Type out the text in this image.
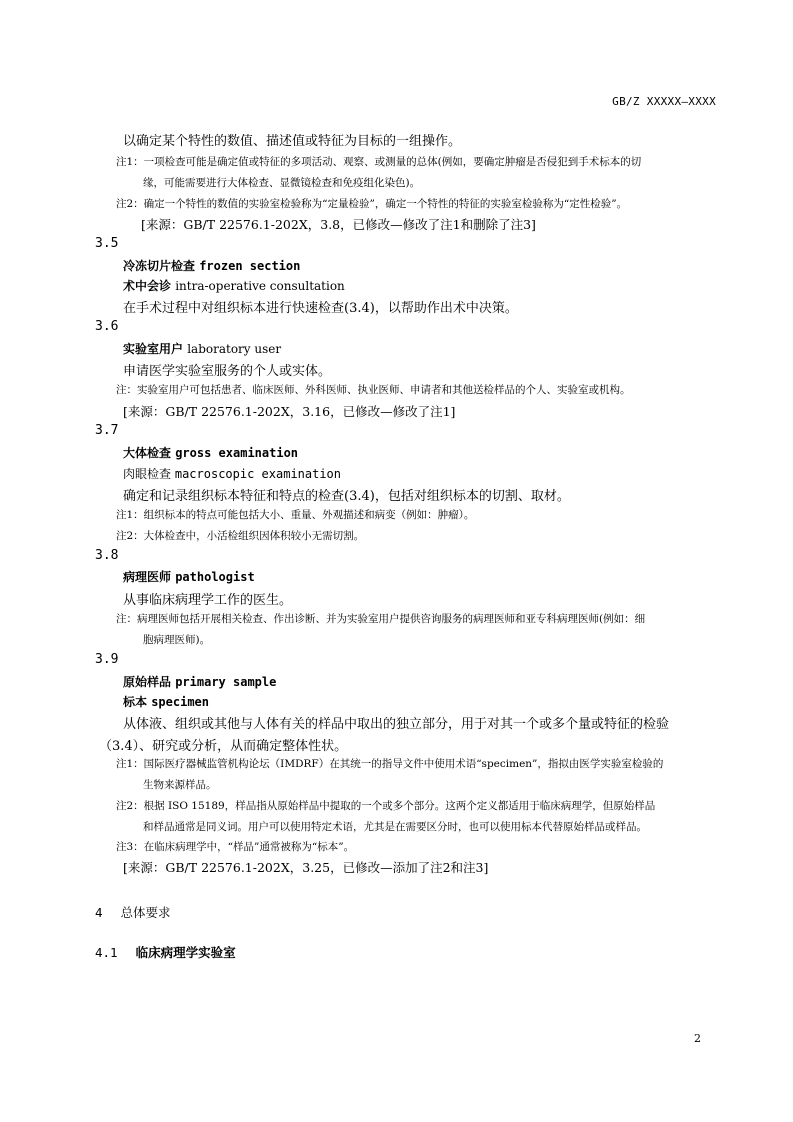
GB/Z XXXXX—XXXX
以确定某个特性的数值、描述值或特征为目标的一组操作。
注1：一项检查可能是确定值或特征的多项活动、观察、或测量的总体(例如，要确定肿瘤是否侵犯到手术标本的切
缘，可能需要进行大体检查、显微镜检查和免疫组化染色)。
注2：确定一个特性的数值的实验室检验称为“定量检验”，确定一个特性的特征的实验室检验称为“定性检验”。
[来源：GB/T 22576.1-202X，3.8，已修改—修改了注1和删除了注3]
3.5
冷冻切片检查 frozen section
术中会诊 intra-operative consultation
在手术过程中对组织标本进行快速检查(3.4)，以帮助作出术中决策。
3.6
实验室用户 laboratory user
申请医学实验室服务的个人或实体。
注：实验室用户可包括患者、临床医师、外科医师、执业医师、申请者和其他送检样品的个人、实验室或机构。
[来源：GB/T 22576.1-202X，3.16，已修改—修改了注1]
3.7
大体检查 gross examination
肉眼检查 macroscopic examination
确定和记录组织标本特征和特点的检查(3.4)，包括对组织标本的切割、取材。
注1：组织标本的特点可能包括大小、重量、外观描述和病变（例如：肿瘤）。
注2：大体检查中，小活检组织因体积较小无需切割。
3.8
病理医师 pathologist
从事临床病理学工作的医生。
注：病理医师包括开展相关检查、作出诊断、并为实验室用户提供咨询服务的病理医师和亚专科病理医师(例如：细
胞病理医师)。
3.9
原始样品 primary sample
标本 specimen
从体液、组织或其他与人体有关的样品中取出的独立部分，用于对其一个或多个量或特征的检验
（3.4）、研究或分析，从而确定整体性状。
注1：国际医疗器械监管机构论坛（IMDRF）在其统一的指导文件中使用术语“specimen”，指拟由医学实验室检验的
生物来源样品。
注2：根据 ISO 15189，样品指从原始样品中提取的一个或多个部分。这两个定义都适用于临床病理学，但原始样品
和样品通常是同义词。用户可以使用特定术语，尤其是在需要区分时，也可以使用标本代替原始样品或样品。
注3：在临床病理学中，“样品”通常被称为“标本”。
[来源：GB/T 22576.1-202X，3.25，已修改—添加了注2和注3]
4 总体要求
4.1 临床病理学实验室
2
